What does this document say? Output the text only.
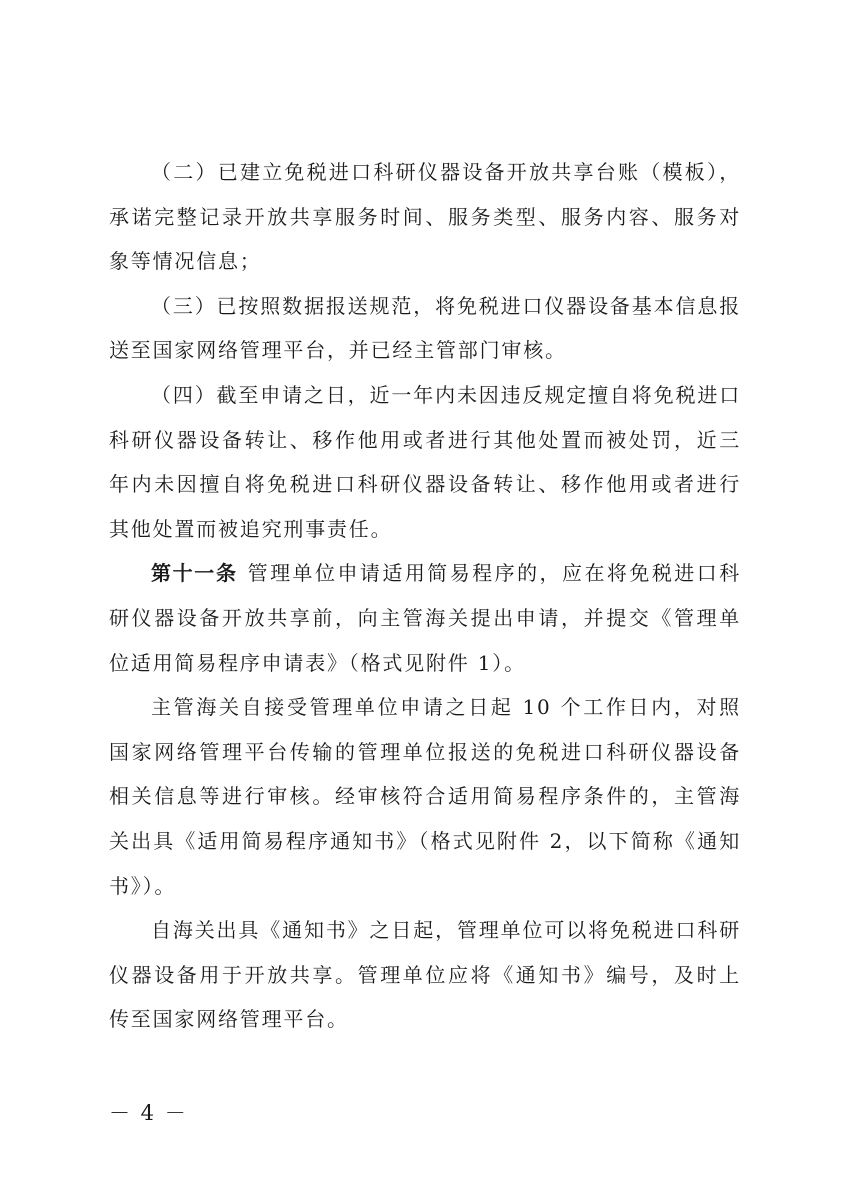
（二）已建立免税进口科研仪器设备开放共享台账（模板），承诺完整记录开放共享服务时间、服务类型、服务内容、服务对象等情况信息；

（三）已按照数据报送规范，将免税进口仪器设备基本信息报送至国家网络管理平台，并已经主管部门审核。

（四）截至申请之日，近一年内未因违反规定擅自将免税进口科研仪器设备转让、移作他用或者进行其他处置而被处罚，近三年内未因擅自将免税进口科研仪器设备转让、移作他用或者进行其他处置而被追究刑事责任。

第十一条 管理单位申请适用简易程序的，应在将免税进口科研仪器设备开放共享前，向主管海关提出申请，并提交《管理单位适用简易程序申请表》（格式见附件 1）。

主管海关自接受管理单位申请之日起 10 个工作日内，对照国家网络管理平台传输的管理单位报送的免税进口科研仪器设备相关信息等进行审核。经审核符合适用简易程序条件的，主管海关出具《适用简易程序通知书》（格式见附件 2，以下简称《通知书》）。

自海关出具《通知书》之日起，管理单位可以将免税进口科研仪器设备用于开放共享。管理单位应将《通知书》编号，及时上传至国家网络管理平台。

－ 4 －
